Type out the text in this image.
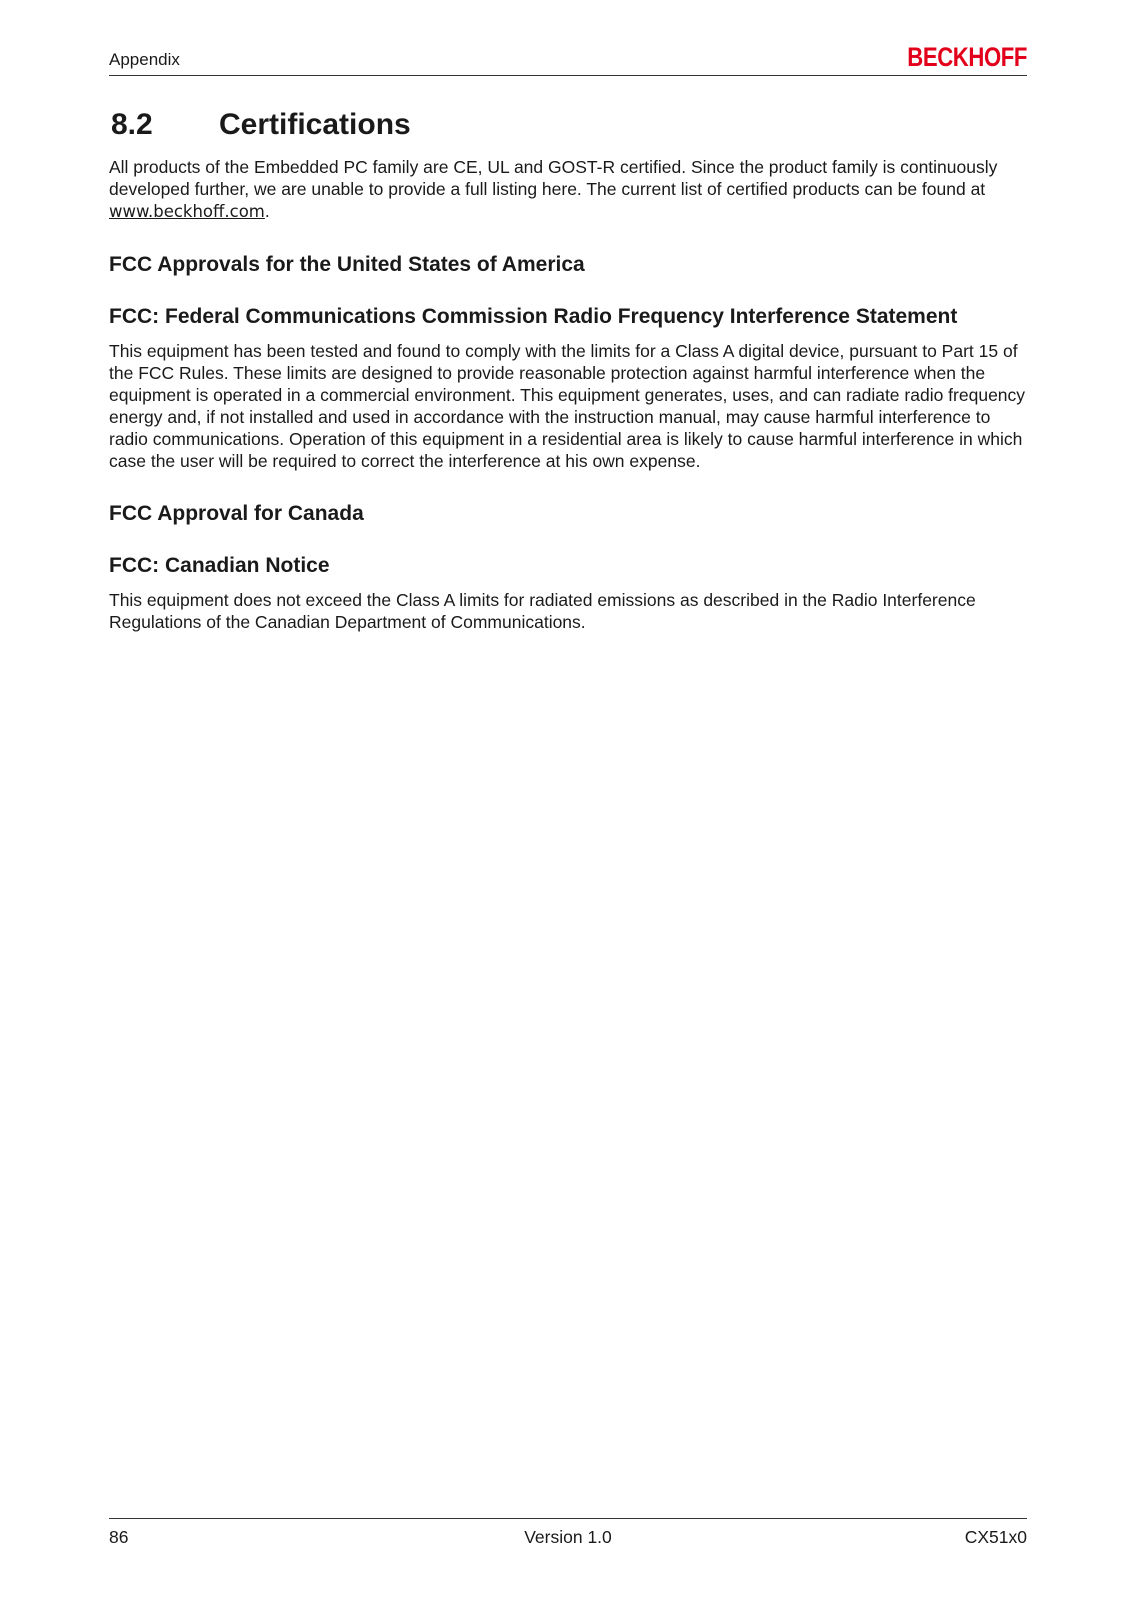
Appendix	BECKHOFF
8.2	Certifications

All products of the Embedded PC family are CE, UL and GOST-R certified. Since the product family is continuously developed further, we are unable to provide a full listing here. The current list of certified products can be found at www.beckhoff.com.

FCC Approvals for the United States of America
FCC: Federal Communications Commission Radio Frequency Interference Statement

This equipment has been tested and found to comply with the limits for a Class A digital device, pursuant to Part 15 of the FCC Rules. These limits are designed to provide reasonable protection against harmful interference when the equipment is operated in a commercial environment. This equipment generates, uses, and can radiate radio frequency energy and, if not installed and used in accordance with the instruction manual, may cause harmful interference to radio communications. Operation of this equipment in a residential area is likely to cause harmful interference in which case the user will be required to correct the interference at his own expense.

FCC Approval for Canada
FCC: Canadian Notice

This equipment does not exceed the Class A limits for radiated emissions as described in the Radio Interference Regulations of the Canadian Department of Communications.

86	Version 1.0	CX51x0
